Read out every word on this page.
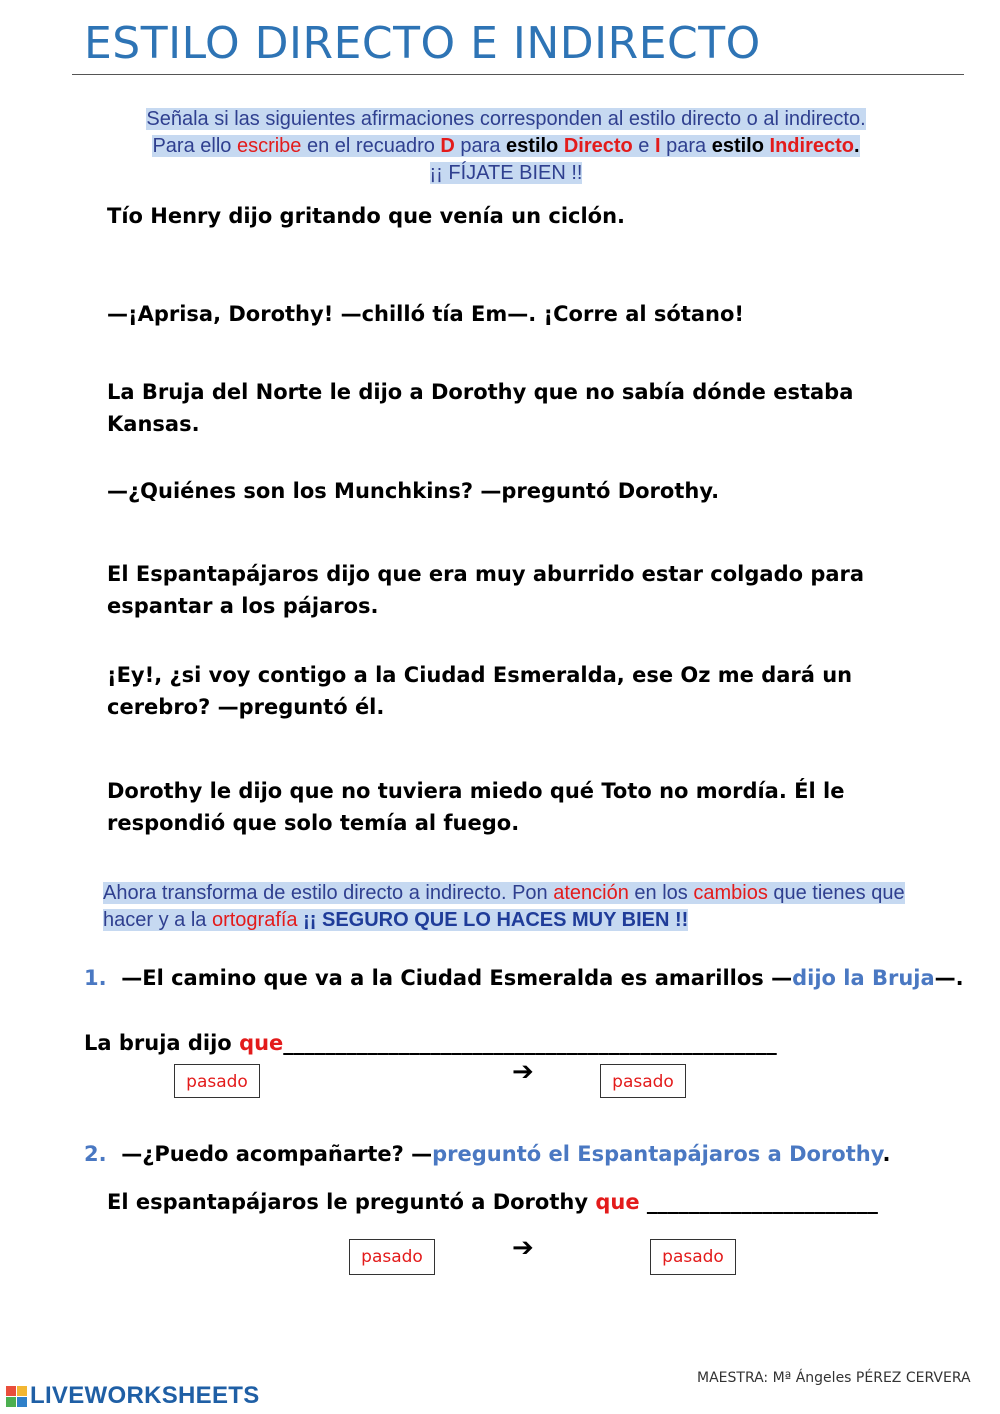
ESTILO DIRECTO E INDIRECTO
Señala si las siguientes afirmaciones corresponden al estilo directo o al indirecto.
Para ello escribe en el recuadro D para estilo Directo e I para estilo Indirecto.
¡¡ FÍJATE BIEN !!
Tío Henry dijo gritando que venía un ciclón.
—¡Aprisa, Dorothy! —chilló tía Em—. ¡Corre al sótano!
La Bruja del Norte le dijo a Dorothy que no sabía dónde estaba Kansas.
—¿Quiénes son los Munchkins? —preguntó Dorothy.
El Espantapájaros dijo que era muy aburrido estar colgado para espantar a los pájaros.
¡Ey!, ¿si voy contigo a la Ciudad Esmeralda, ese Oz me dará un cerebro? —preguntó él.
Dorothy le dijo que no tuviera miedo qué Toto no mordía. Él le respondió que solo temía al fuego.
Ahora transforma de estilo directo a indirecto. Pon atención en los cambios que tienes que hacer y a la ortografía ¡¡ SEGURO QUE LO HACES MUY BIEN !!
1. —El camino que va a la Ciudad Esmeralda es amarillos —dijo la Bruja—.
La bruja dijo que_______________________________________________
pasado	➔	pasado
2. —¿Puedo acompañarte? —preguntó el Espantapájaros a Dorothy.
El espantapájaros le preguntó a Dorothy que ______________________
pasado	➔	pasado
MAESTRA: Mª Ángeles PÉREZ CERVERA
LIVEWORKSHEETS
